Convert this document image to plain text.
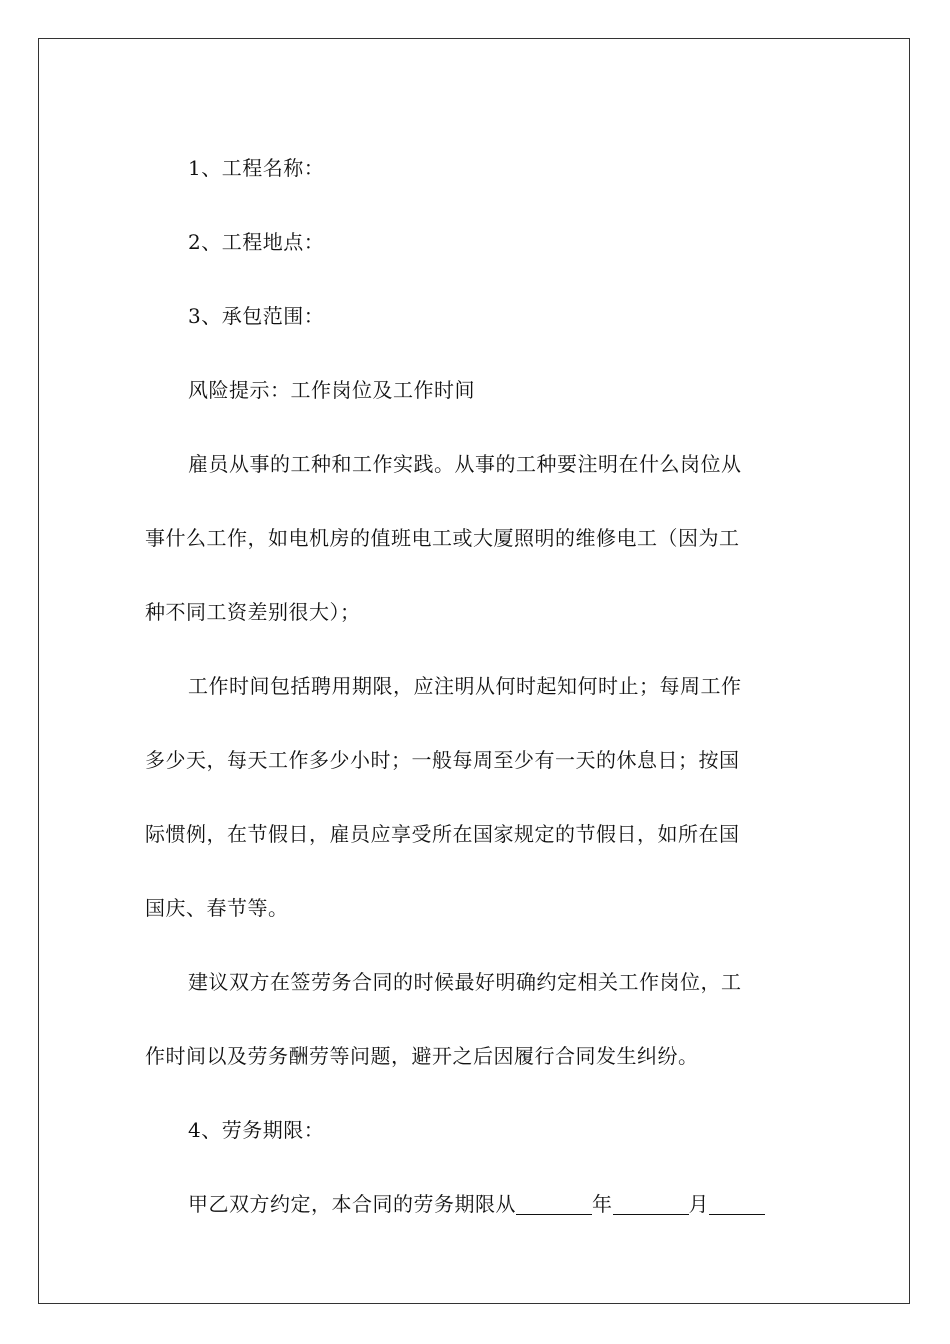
1、工程名称：
2、工程地点：
3、承包范围：
风险提示：工作岗位及工作时间
雇员从事的工种和工作实践。从事的工种要注明在什么岗位从
事什么工作，如电机房的值班电工或大厦照明的维修电工（因为工
种不同工资差别很大）；
工作时间包括聘用期限，应注明从何时起知何时止；每周工作
多少天，每天工作多少小时；一般每周至少有一天的休息日；按国
际惯例，在节假日，雇员应享受所在国家规定的节假日，如所在国
国庆、春节等。
建议双方在签劳务合同的时候最好明确约定相关工作岗位，工
作时间以及劳务酬劳等问题，避开之后因履行合同发生纠纷。
4、劳务期限：
甲乙双方约定，本合同的劳务期限从	年	月
